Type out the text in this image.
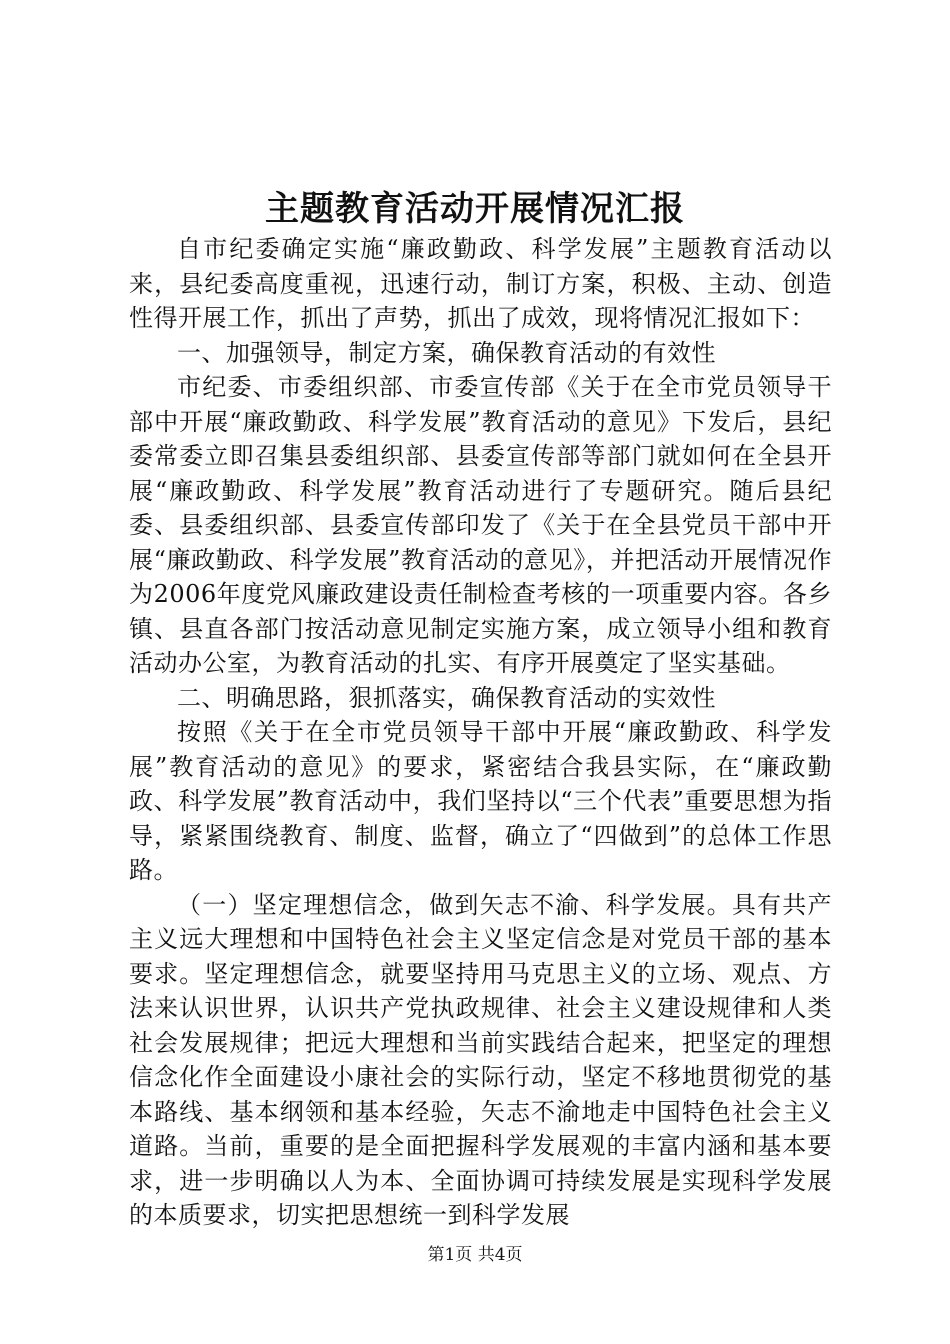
主题教育活动开展情况汇报

自市纪委确定实施“廉政勤政、科学发展”主题教育活动以来，县纪委高度重视，迅速行动，制订方案，积极、主动、创造性得开展工作，抓出了声势，抓出了成效，现将情况汇报如下：

一、加强领导，制定方案，确保教育活动的有效性

市纪委、市委组织部、市委宣传部《关于在全市党员领导干部中开展“廉政勤政、科学发展”教育活动的意见》下发后，县纪委常委立即召集县委组织部、县委宣传部等部门就如何在全县开展“廉政勤政、科学发展”教育活动进行了专题研究。随后县纪委、县委组织部、县委宣传部印发了《关于在全县党员干部中开展“廉政勤政、科学发展”教育活动的意见》，并把活动开展情况作为2006年度党风廉政建设责任制检查考核的一项重要内容。各乡镇、县直各部门按活动意见制定实施方案，成立领导小组和教育活动办公室，为教育活动的扎实、有序开展奠定了坚实基础。

二、明确思路，狠抓落实，确保教育活动的实效性

按照《关于在全市党员领导干部中开展“廉政勤政、科学发展”教育活动的意见》的要求，紧密结合我县实际，在“廉政勤政、科学发展”教育活动中，我们坚持以“三个代表”重要思想为指导，紧紧围绕教育、制度、监督，确立了“四做到”的总体工作思路。

（一）坚定理想信念，做到矢志不渝、科学发展。具有共产主义远大理想和中国特色社会主义坚定信念是对党员干部的基本要求。坚定理想信念，就要坚持用马克思主义的立场、观点、方法来认识世界，认识共产党执政规律、社会主义建设规律和人类社会发展规律；把远大理想和当前实践结合起来，把坚定的理想信念化作全面建设小康社会的实际行动，坚定不移地贯彻党的基本路线、基本纲领和基本经验，矢志不渝地走中国特色社会主义道路。当前，重要的是全面把握科学发展观的丰富内涵和基本要求，进一步明确以人为本、全面协调可持续发展是实现科学发展的本质要求，切实把思想统一到科学发展

第1页 共4页
